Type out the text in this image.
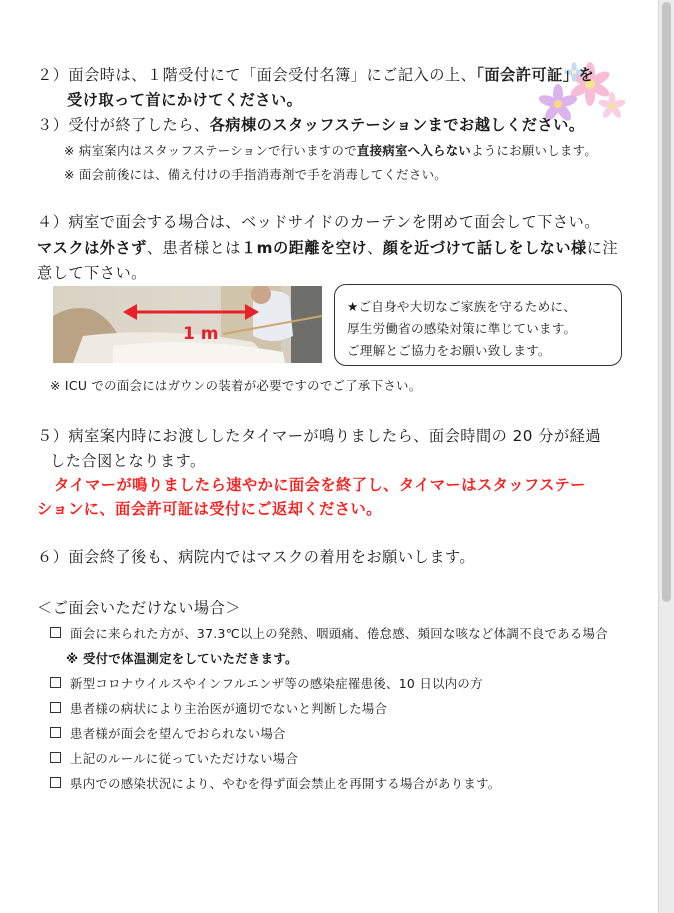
２）面会時は、１階受付にて「面会受付名簿」にご記入の上、「面会許可証」を
受け取って首にかけてください。
３）受付が終了したら、各病棟のスタッフステーションまでお越しください。
※ 病室案内はスタッフステーションで行いますので直接病室へ入らないようにお願いします。
※ 面会前後には、備え付けの手指消毒剤で手を消毒してください。
４）病室で面会する場合は、ベッドサイドのカーテンを閉めて面会して下さい。
マスクは外さず、患者様とは１mの距離を空け、顔を近づけて話しをしない様に注
意して下さい。
1 m
★ご自身や大切なご家族を守るために、
厚生労働省の感染対策に準じています。
ご理解とご協力をお願い致します。
※ ICU での面会にはガウンの装着が必要ですのでご了承下さい。
５）病室案内時にお渡ししたタイマーが鳴りましたら、面会時間の 20 分が経過
した合図となります。
タイマーが鳴りましたら速やかに面会を終了し、タイマーはスタッフステー
ションに、面会許可証は受付にご返却ください。
６）面会終了後も、病院内ではマスクの着用をお願いします。
＜ご面会いただけない場合＞
面会に来られた方が、37.3℃以上の発熱、咽頭痛、倦怠感、頻回な咳など体調不良である場合
※ 受付で体温測定をしていただきます。
新型コロナウイルスやインフルエンザ等の感染症罹患後、10 日以内の方
患者様の病状により主治医が適切でないと判断した場合
患者様が面会を望んでおられない場合
上記のルールに従っていただけない場合
県内での感染状況により、やむを得ず面会禁止を再開する場合があります。
